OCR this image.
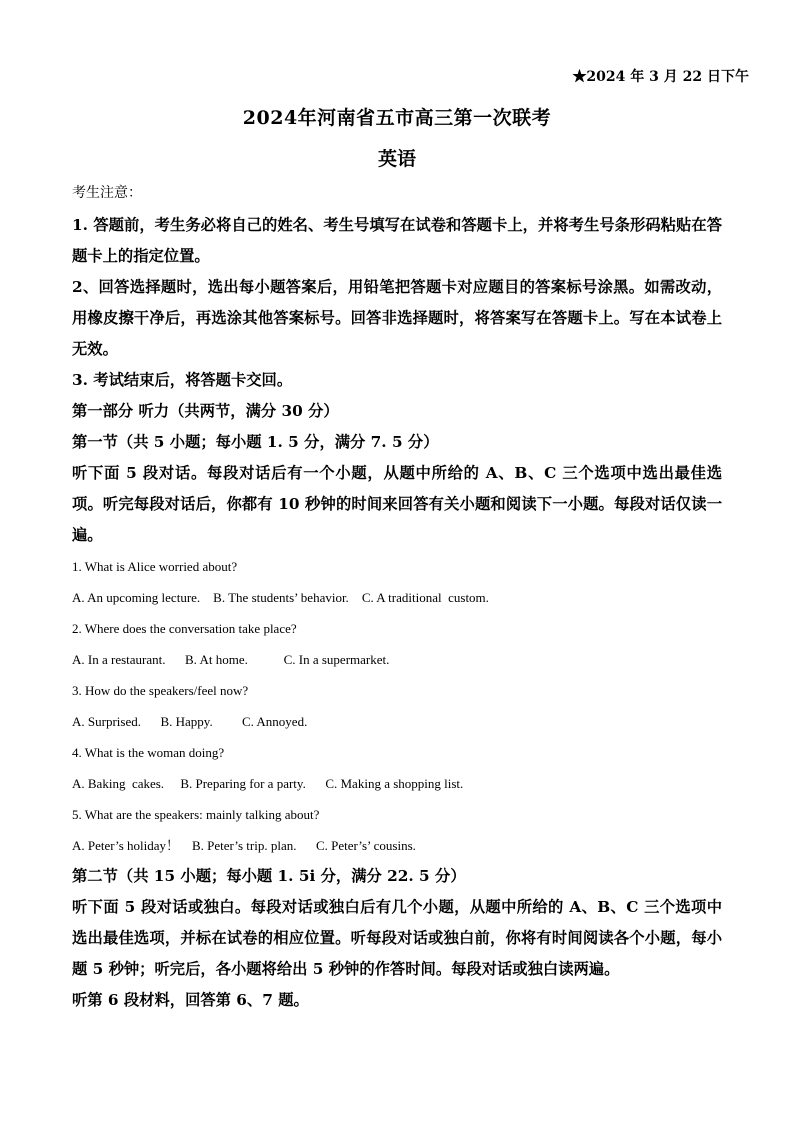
★2024 年 3 月 22 日下午
2024年河南省五市高三第一次联考
英语

考生注意：

1. 答题前，考生务必将自己的姓名、考生号填写在试卷和答题卡上，并将考生号条形码粘贴在答题卡上的指定位置。

2、回答选择题时，选出每小题答案后，用铅笔把答题卡对应题目的答案标号涂黑。如需改动，用橡皮擦干净后，再选涂其他答案标号。回答非选择题时，将答案写在答题卡上。写在本试卷上无效。

3. 考试结束后，将答题卡交回。

第一部分 听力（共两节，满分 30 分）

第一节（共 5 小题；每小题 1. 5 分，满分 7. 5 分）

听下面 5 段对话。每段对话后有一个小题，从题中所给的 A、B、C 三个选项中选出最佳选项。听完每段对话后，你都有 10 秒钟的时间来回答有关小题和阅读下一小题。每段对话仅读一遍。

1. What is Alice worried about?

A. An upcoming lecture. B. The students’ behavior. C. A traditional  custom.

2. Where does the conversation take place?

A. In a restaurant. B. At home.	C. In a supermarket.

3. How do the speakers/feel now?

A. Surprised. B. Happy. C. Annoyed.

4. What is the woman doing?

A. Baking  cakes. B. Preparing for a party. C. Making a shopping list.

5. What are the speakers: mainly talking about?

A. Peter’s holiday！ B. Peter’s trip. plan. C. Peter’s’ cousins.

第二节（共 15 小题；每小题 1. 5i 分，满分 22. 5 分）

听下面 5 段对话或独白。每段对话或独白后有几个小题，从题中所给的 A、B、C 三个选项中选出最佳选项，并标在试卷的相应位置。听每段对话或独白前，你将有时间阅读各个小题，每小题 5 秒钟；听完后，各小题将给出 5 秒钟的作答时间。每段对话或独白读两遍。

听第 6 段材料，回答第 6、7 题。
